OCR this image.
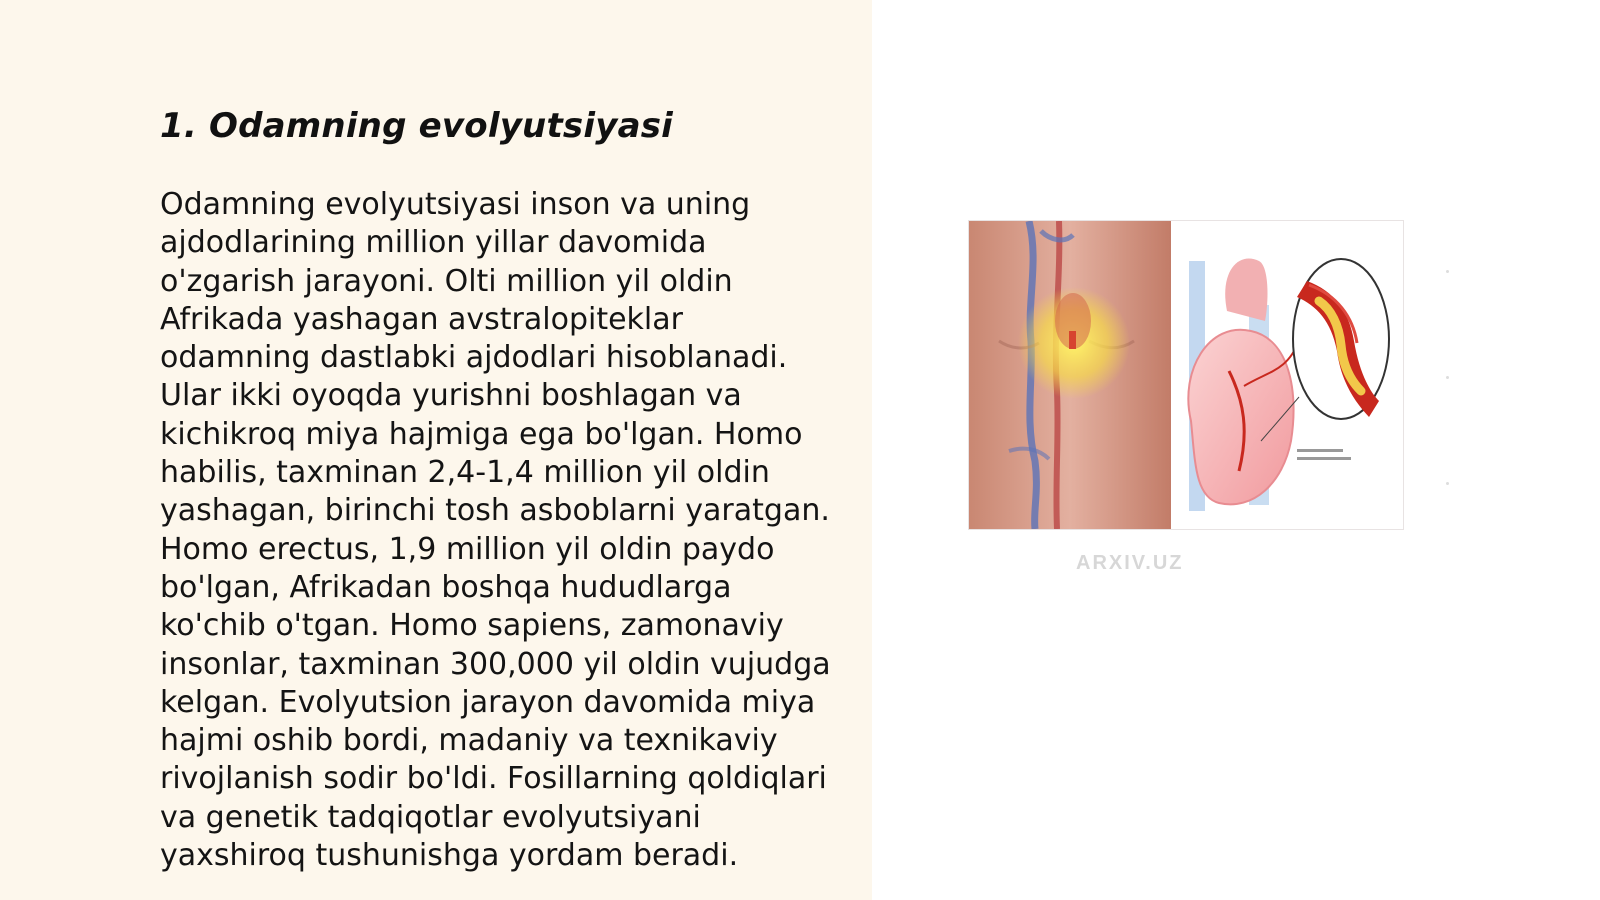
1. Odamning evolyutsiyasi

Odamning evolyutsiyasi inson va uning
ajdodlarining million yillar davomida
o'zgarish jarayoni. Olti million yil oldin
Afrikada yashagan avstralopiteklar
odamning dastlabki ajdodlari hisoblanadi.
Ular ikki oyoqda yurishni boshlagan va
kichikroq miya hajmiga ega bo'lgan. Homo
habilis, taxminan 2,4-1,4 million yil oldin
yashagan, birinchi tosh asboblarni yaratgan.
Homo erectus, 1,9 million yil oldin paydo
bo'lgan, Afrikadan boshqa hududlarga
ko'chib o'tgan. Homo sapiens, zamonaviy
insonlar, taxminan 300,000 yil oldin vujudga
kelgan. Evolyutsion jarayon davomida miya
hajmi oshib bordi, madaniy va texnikaviy
rivojlanish sodir bo'ldi. Fosillarning qoldiqlari
va genetik tadqiqotlar evolyutsiyani
yaxshiroq tushunishga yordam beradi.

ARXIV.UZ
